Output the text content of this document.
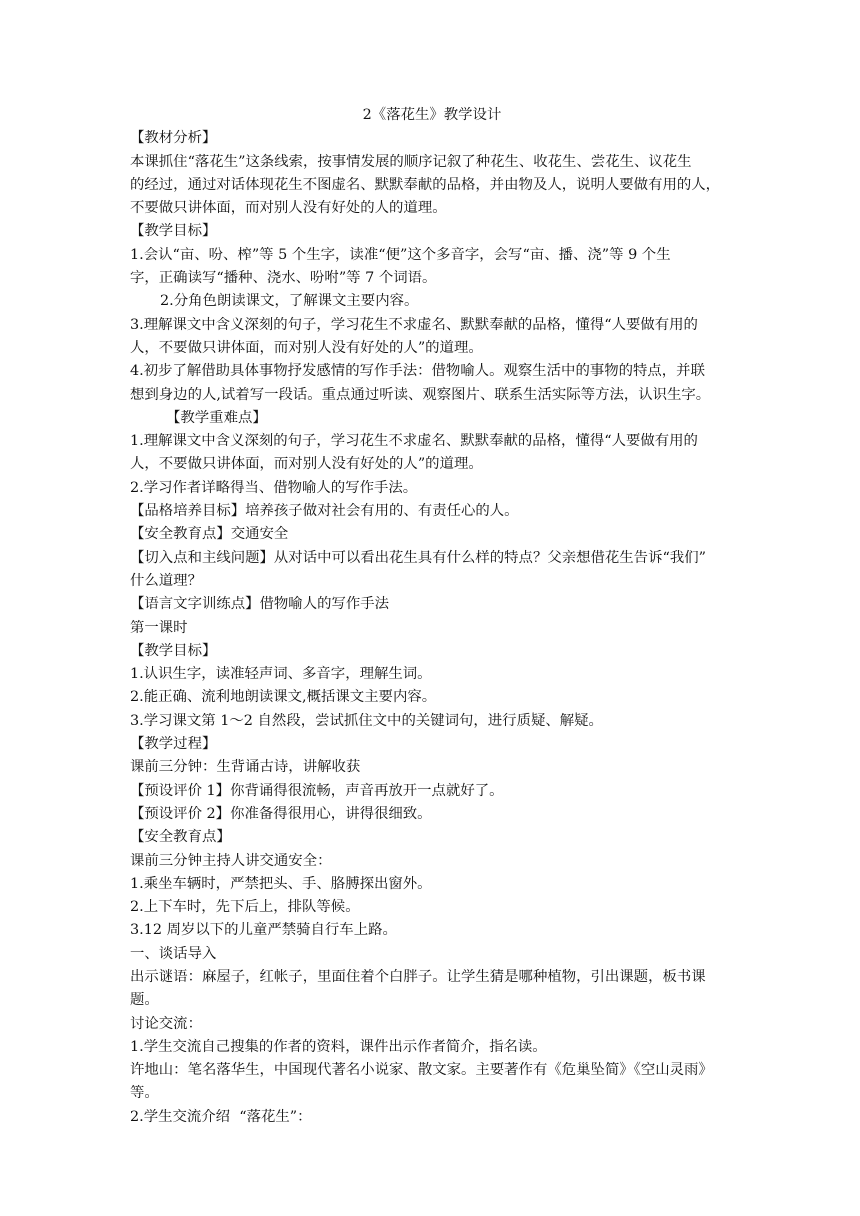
2《落花生》教学设计
【教材分析】
本课抓住“落花生”这条线索，按事情发展的顺序记叙了种花生、收花生、尝花生、议花生
的经过，通过对话体现花生不图虚名、默默奉献的品格，并由物及人，说明人要做有用的人，
不要做只讲体面，而对别人没有好处的人的道理。
【教学目标】
1.会认“亩、吩、榨”等 5 个生字，读准“便”这个多音字，会写“亩、播、浇”等 9 个生
字，正确读写“播种、浇水、吩咐”等 7 个词语。
2.分角色朗读课文，了解课文主要内容。
3.理解课文中含义深刻的句子，学习花生不求虚名、默默奉献的品格，懂得“人要做有用的
人，不要做只讲体面，而对别人没有好处的人”的道理。
4.初步了解借助具体事物抒发感情的写作手法：借物喻人。观察生活中的事物的特点，并联
想到身边的人,试着写一段话。重点通过听读、观察图片、联系生活实际等方法，认识生字。
【教学重难点】
1.理解课文中含义深刻的句子，学习花生不求虚名、默默奉献的品格，懂得“人要做有用的
人，不要做只讲体面，而对别人没有好处的人”的道理。
2.学习作者详略得当、借物喻人的写作手法。
【品格培养目标】培养孩子做对社会有用的、有责任心的人。
【安全教育点】交通安全
【切入点和主线问题】从对话中可以看出花生具有什么样的特点？父亲想借花生告诉“我们”
什么道理？
【语言文字训练点】借物喻人的写作手法
第一课时
【教学目标】
1.认识生字，读准轻声词、多音字，理解生词。
2.能正确、流利地朗读课文,概括课文主要内容。
3.学习课文第 1～2 自然段，尝试抓住文中的关键词句，进行质疑、解疑。
【教学过程】
课前三分钟：生背诵古诗，讲解收获
【预设评价 1】你背诵得很流畅，声音再放开一点就好了。
【预设评价 2】你准备得很用心，讲得很细致。
【安全教育点】
课前三分钟主持人讲交通安全：
1.乘坐车辆时，严禁把头、手、胳膊探出窗外。
2.上下车时，先下后上，排队等候。
3.12 周岁以下的儿童严禁骑自行车上路。
一、谈话导入
出示谜语：麻屋子，红帐子，里面住着个白胖子。让学生猜是哪种植物，引出课题，板书课
题。
讨论交流：
1.学生交流自己搜集的作者的资料，课件出示作者简介，指名读。
许地山：笔名落华生，中国现代著名小说家、散文家。主要著作有《危巢坠简》《空山灵雨》
等。
2.学生交流介绍  “落花生”：
